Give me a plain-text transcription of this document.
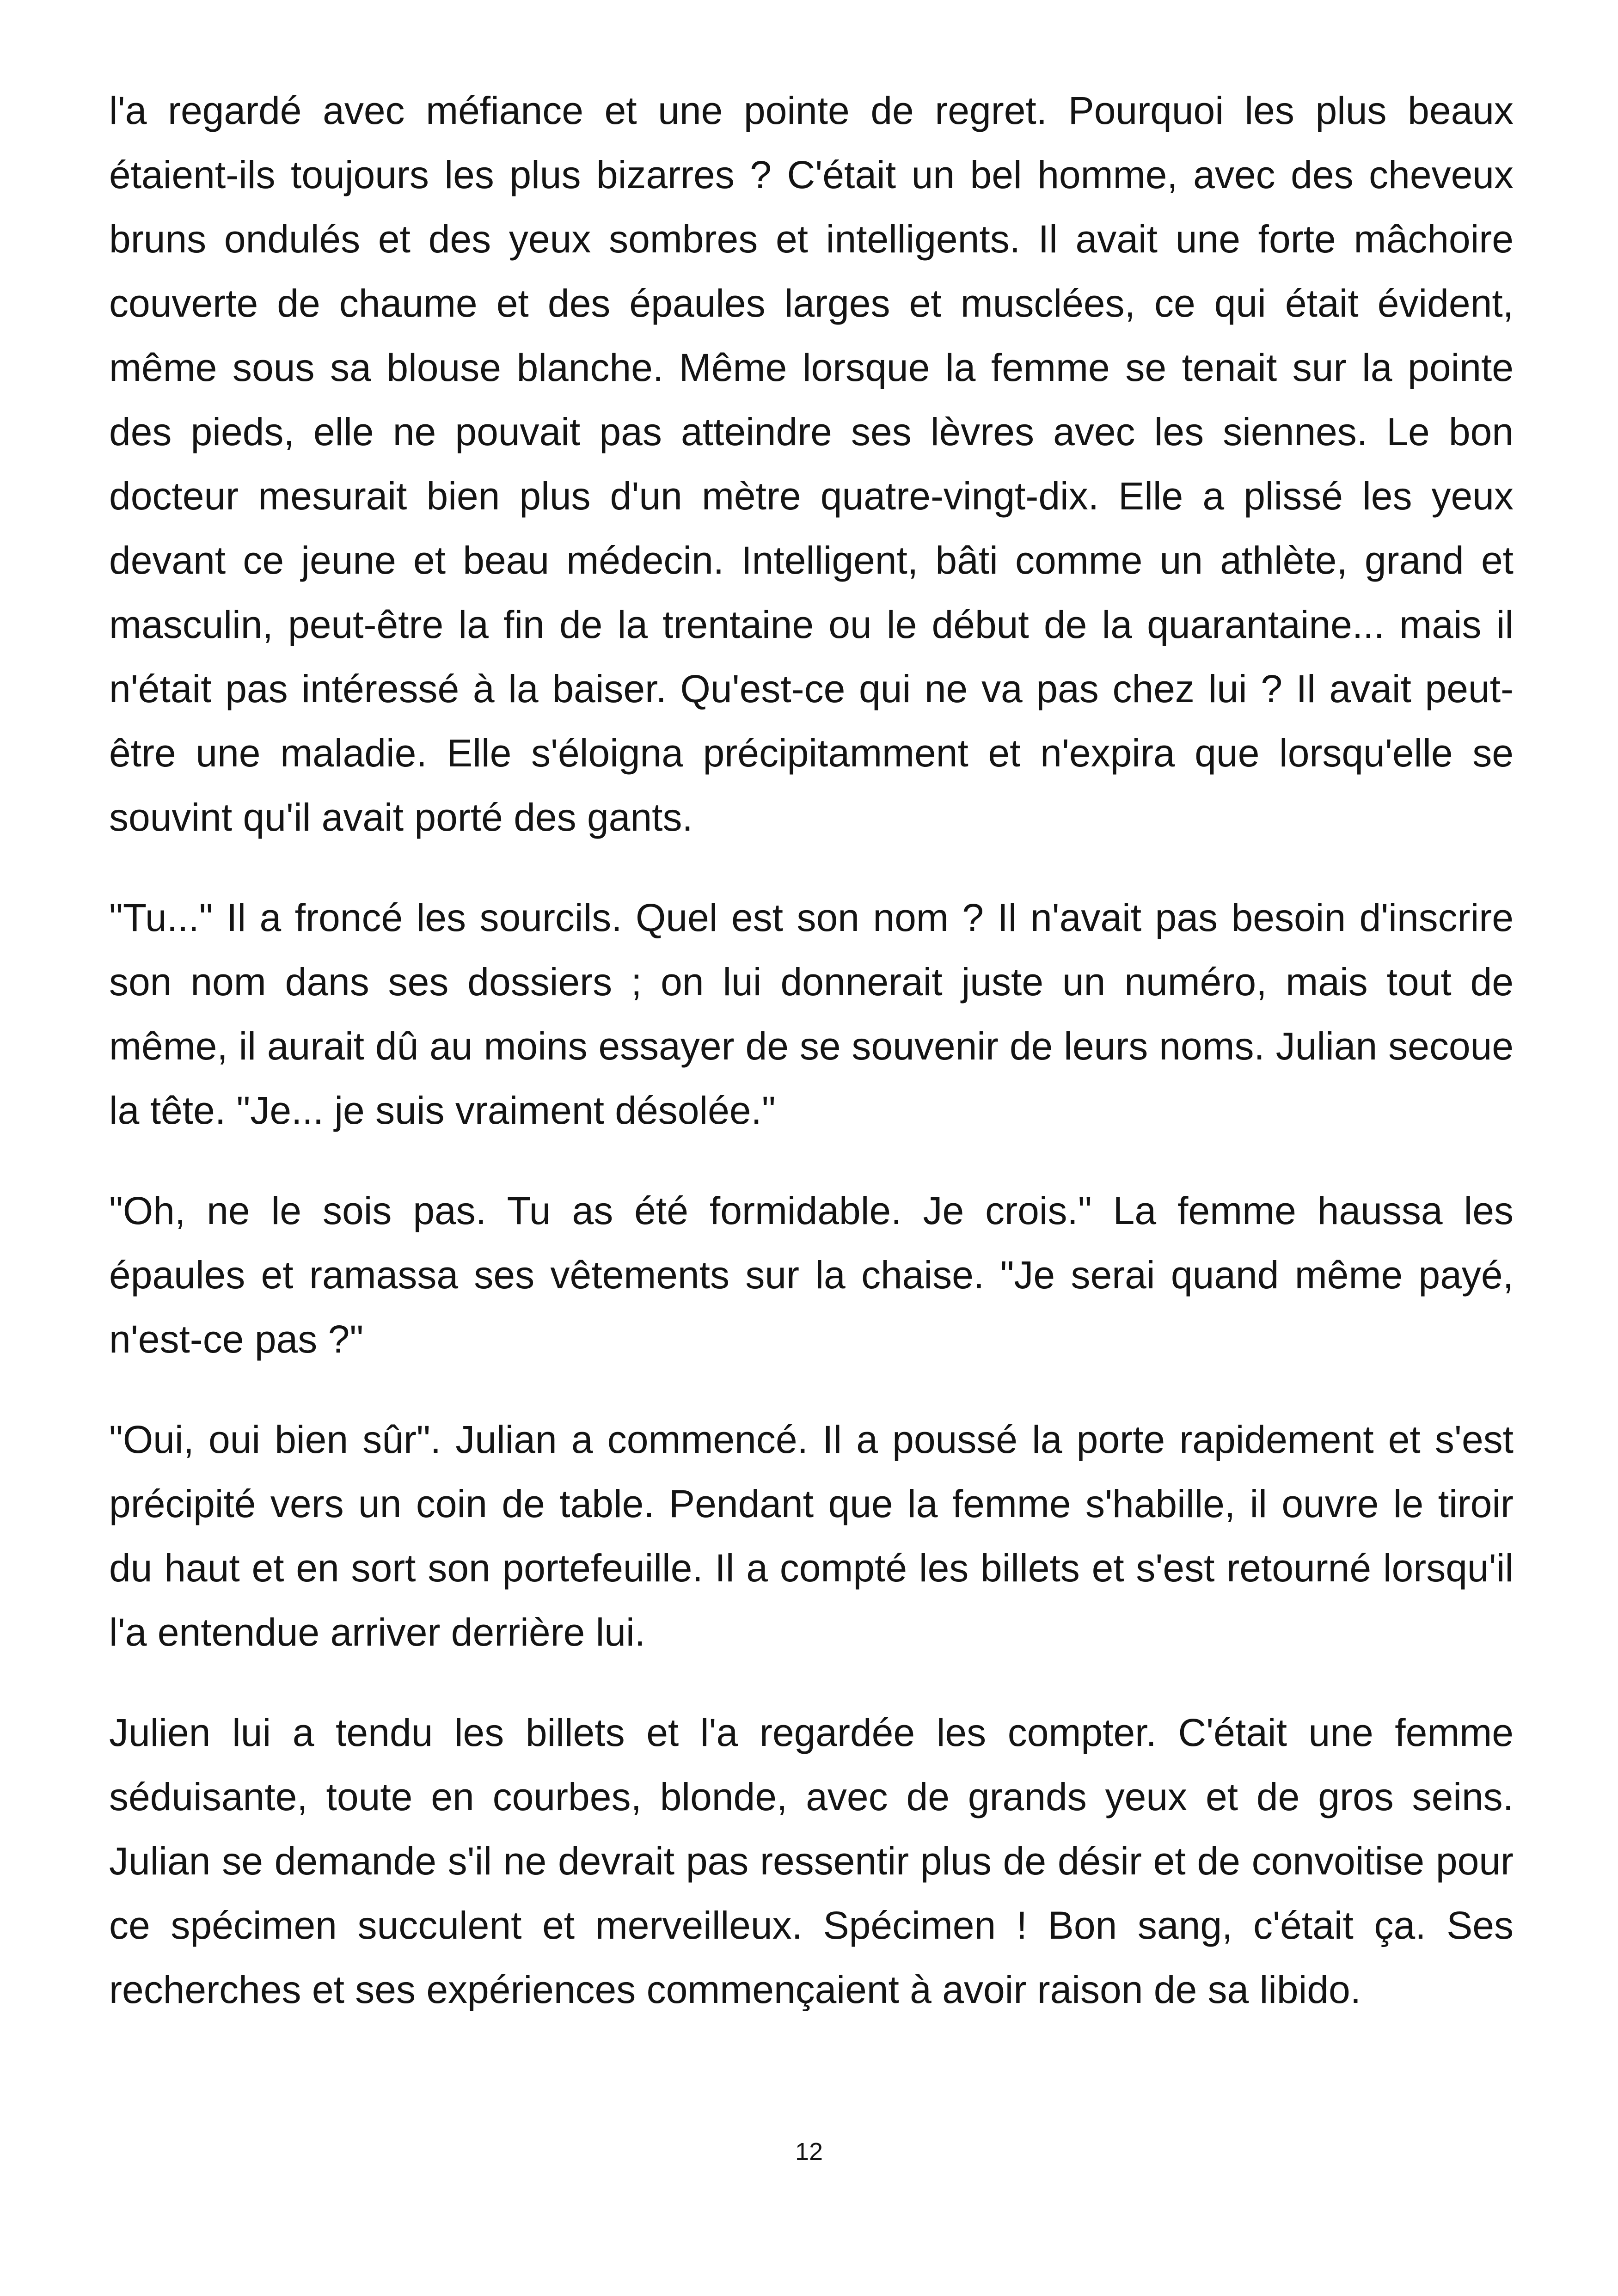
l'a regardé avec méfiance et une pointe de regret. Pourquoi les plus beaux étaient-ils toujours les plus bizarres ? C'était un bel homme, avec des cheveux bruns ondulés et des yeux sombres et intelligents. Il avait une forte mâchoire couverte de chaume et des épaules larges et musclées, ce qui était évident, même sous sa blouse blanche. Même lorsque la femme se tenait sur la pointe des pieds, elle ne pouvait pas atteindre ses lèvres avec les siennes. Le bon docteur mesurait bien plus d'un mètre quatre-vingt-dix. Elle a plissé les yeux devant ce jeune et beau médecin. Intelligent, bâti comme un athlète, grand et masculin, peut-être la fin de la trentaine ou le début de la quarantaine... mais il n'était pas intéressé à la baiser. Qu'est-ce qui ne va pas chez lui ? Il avait peut-être une maladie. Elle s'éloigna précipitamment et n'expira que lorsqu'elle se souvint qu'il avait porté des gants.

"Tu..." Il a froncé les sourcils. Quel est son nom ? Il n'avait pas besoin d'inscrire son nom dans ses dossiers ; on lui donnerait juste un numéro, mais tout de même, il aurait dû au moins essayer de se souvenir de leurs noms. Julian secoue la tête. "Je... je suis vraiment désolée."

"Oh, ne le sois pas. Tu as été formidable. Je crois." La femme haussa les épaules et ramassa ses vêtements sur la chaise. "Je serai quand même payé, n'est-ce pas ?"

"Oui, oui bien sûr". Julian a commencé. Il a poussé la porte rapidement et s'est précipité vers un coin de table. Pendant que la femme s'habille, il ouvre le tiroir du haut et en sort son portefeuille. Il a compté les billets et s'est retourné lorsqu'il l'a entendue arriver derrière lui.

Julien lui a tendu les billets et l'a regardée les compter. C'était une femme séduisante, toute en courbes, blonde, avec de grands yeux et de gros seins. Julian se demande s'il ne devrait pas ressentir plus de désir et de convoitise pour ce spécimen succulent et merveilleux. Spécimen ! Bon sang, c'était ça. Ses recherches et ses expériences commençaient à avoir raison de sa libido.

12
